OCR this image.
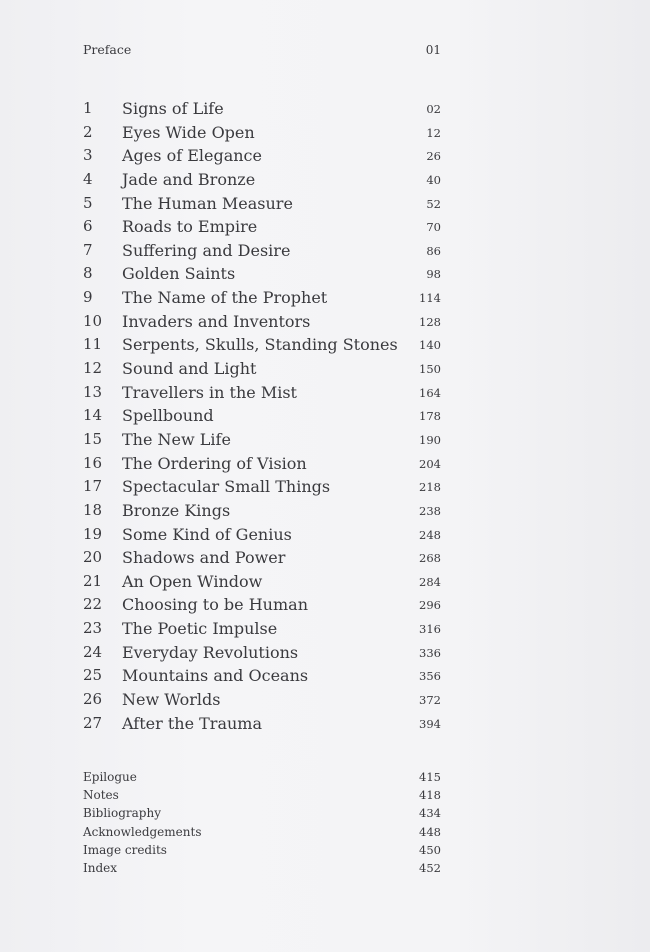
Preface	01
1 Signs of Life	02
2 Eyes Wide Open	12
3 Ages of Elegance	26
4 Jade and Bronze	40
5 The Human Measure	52
6 Roads to Empire	70
7 Suffering and Desire	86
8 Golden Saints	98
9 The Name of the Prophet	114
10 Invaders and Inventors	128
11 Serpents, Skulls, Standing Stones 140
12 Sound and Light	150
13 Travellers in the Mist	164
14 Spellbound	178
15 The New Life	190
16 The Ordering of Vision	204
17 Spectacular Small Things	218
18 Bronze Kings	238
19 Some Kind of Genius	248
20 Shadows and Power	268
21 An Open Window	284
22 Choosing to be Human	296
23 The Poetic Impulse	316
24 Everyday Revolutions	336
25 Mountains and Oceans	356
26 New Worlds	372
27 After the Trauma	394
Epilogue	415
Notes	418
Bibliography	434
Acknowledgements	448
Image credits	450
Index	452
